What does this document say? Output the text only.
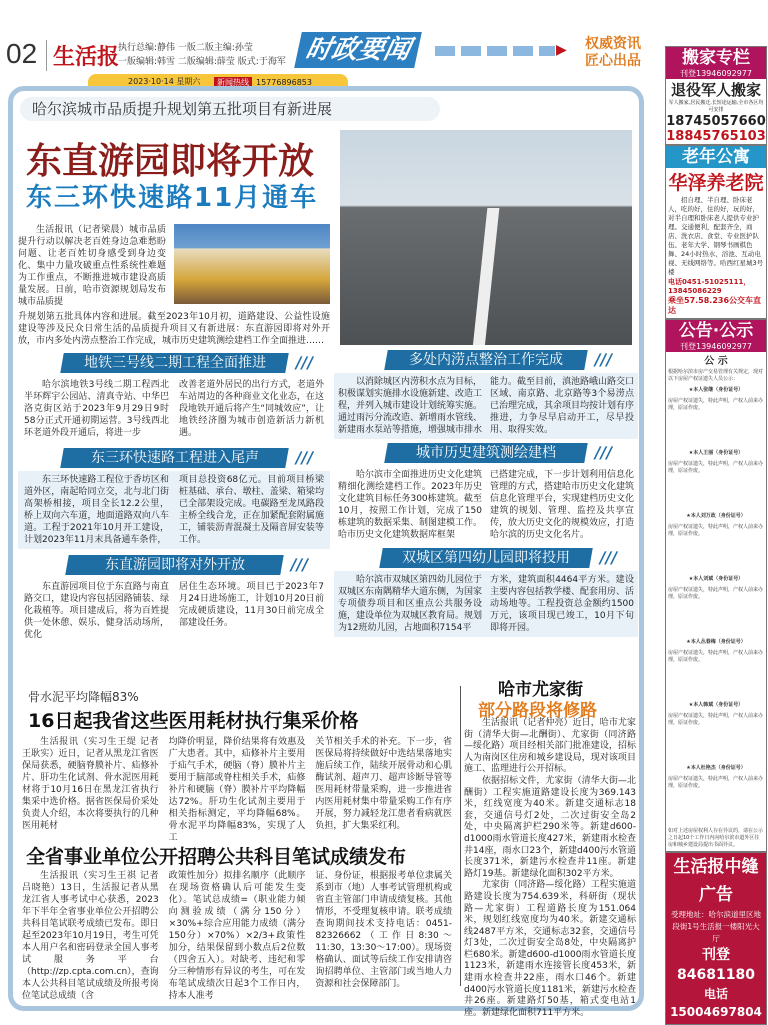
02 生活报
执行总编:静伟 一版二版主编:孙莹
一版编辑:韩雪 二版编辑:薛莹 版式:于海军 时政要闻	▶ 权威资讯
匠心出品
2023·10·14 星期六	新闻热线 15776896853
哈尔滨城市品质提升规划第五批项目有新进展
东直游园即将开放
东三环快速路11月通车

生活报讯（记者梁晨）城市品质提升行动以解决老百姓身边急难愁盼问题、让老百姓切身感受到身边变化、集中力量攻破重点性系统性难题为工作重点，不断推进城市建设高质量发展。日前，哈市资源规划局发布城市品质提

升规划第五批具体内容和进展。截至2023年10月初，道路建设、公益性设施建设等涉及民众日常生活的品质提升项目又有新进展：东直游园即将对外开放，市内多处内涝点整治工作完成，城市历史建筑测绘建档工作全面推进……

地铁三号线二期工程全面推进 ///

哈尔滨地铁3号线二期工程西北半环辉宇公园站、清真寺站、中华巴洛克街区站于2023年9月29日9时58分正式开通初期运营。3号线西北环老道外段开通后，将进一步

改善老道外居民的出行方式，老道外车站周边的各种商业文化业态，在这段地铁开通后将产生“同城效应”，让地铁经济圈为城市创造新活力新机遇。

东三环快速路工程进入尾声 ///

东三环快速路工程位于香坊区和道外区，南起哈同立交，北与北门街高架桥相接，项目全长12.2公里，桥上双向六车道，地面道路双向八车道。工程于2021年10月开工建设，计划2023年11月末具备通车条件，

项目总投资68亿元。目前项目桥梁桩基础、承台、墩柱、盖梁、箱梁均已全部架设完成。电碳路至龙凤路段主桥全线合龙，正在加紧配套附属施工，铺装沥青混凝土及隔音屏安装等工作。

东直游园即将对外开放 ///

东直游园项目位于东直路与南直路交口，建设内容包括园路铺装、绿化栽植等。项目建成后，将为百姓提供一处休憩、娱乐、健身活动场所，优化

居住生态环境。项目已于2023年7月24日进场施工，计划10月20日前完成硬质建设，11月30日前完成全部建设任务。

多处内涝点整治工作完成 ///

以消除城区内涝积水点为目标，积极谋划实施排水设施新建、改造工程，并列入城市建设计划统筹实施。通过雨污分流改造、新增雨水管线、新建雨水泵站等措施，增强城市排水

能力。截至目前，滇池路峨山路交口区域、南京路、北京路等3个易涝点已治理完成，其余项目均按计划有序推进，力争尽早启动开工，尽早投用、取得实效。

城市历史建筑测绘建档 ///

哈尔滨市全面推进历史文化建筑精细化测绘建档工作。2023年历史文化建筑目标任务300栋建筑。截至10月，按照工作计划，完成了150栋建筑的数据采集、制图建模工作。哈市历史文化建筑数据库框架

已搭建完成，下一步计划利用信息化管理的方式，搭建哈市历史文化建筑信息化管理平台，实现建档历史文化建筑的规划、管理、监控及共享宣传，放大历史文化的规模效应，打造哈尔滨的历史文化名片。

双城区第四幼儿园即将投用 ///

哈尔滨市双城区第四幼儿园位于双城区东南隅精华大道东侧，为国家专项债券项目和区重点公共服务设施，建设单位为双城区教育局。规划为12班幼儿园，占地面积7154平

方米，建筑面积4464平方米。建设主要内容包括教学楼、配套用房、活动场地等。工程投资总金额约1500万元，该项目现已竣工，10月下旬即将开园。

骨水泥平均降幅83%
16日起我省这些医用耗材执行集采价格

生活报讯（实习生王缇 记者王耿实）近日，记者从黑龙江省医保局获悉，硬脑脊膜补片、疝修补片、肝功生化试剂、骨水泥医用耗材将于10月16日在黑龙江省执行集采中选价格。据省医保局价采处负责人介绍，本次将要执行的几种医用耗材

均降价明显，降价结果将有效惠及广大患者。其中，疝修补片主要用于疝气手术，硬脑（脊）膜补片主要用于脑部或脊柱相关手术，疝修补片和硬脑（脊）膜补片平均降幅达72%。肝功生化试剂主要用于相关指标测定，平均降幅68%。骨水泥平均降幅83%，实现了人工

关节相关手术的补充。下一步，省医保局将持续做好中选结果落地实施后续工作，陆续开展骨动和心肌酶试剂、超声刀、超声诊断导管等医用耗材带量采购，进一步推进省内医用耗材集中带量采购工作有序开展，努力减轻龙江患者看病就医负担，扩大集采红利。

全省事业单位公开招聘公共科目笔试成绩发布

生活报讯（实习生王祺 记者吕晓艳）13日，生活报记者从黑龙江省人事考试中心获悉，2023年下半年全省事业单位公开招聘公共科目笔试联考成绩已发布。即日起至2023年10月19日，考生可凭本人用户名和密码登录全国人事考试服务平台（http://zp.cpta.com.cn），查询本人公共科目笔试成绩及所报考岗位笔试总成绩（含

政策性加分）拟排名顺序（此顺序在现场资格确认后可能发生变化）。笔试总成绩=（职业能力倾向测验成绩（满分150分）×30%+综合应用能力成绩（满分150分）×70%）×2/3+政策性加分，结果保留到小数点后2位数（四舍五入）。对缺考、违纪和零分三种情形有异议的考生，可在发布笔试成绩次日起3个工作日内，持本人准考

证、身份证，根据报考单位隶属关系到市（地）人事考试管理机构或省直主管部门申请成绩复核。其他情形，不受理复核申请。联考成绩查询期间技术支持电话：0451-82326662（工作日8:30～11:30，13:30～17:00）。现场资格确认、面试等后续工作安排请咨询招聘单位、主管部门或当地人力资源和社会保障部门。

哈市尤家街
部分路段将修路

生活报讯（记者仲亮）近日，哈市尤家街（清华大街—北酬街）、尤家街（同济路—绥化路）项目经相关部门批准建设，招标人为南岗区住房和城乡建设局，现对该项目施工、监理进行公开招标。

依据招标文件，尤家街（清华大街—北酬街）工程实施道路建设长度为369.143米，红线宽度为40米。新建交通标志18套，交通信号灯2处，二次过街安全岛2处，中央隔离护栏290米等。新建d600-d1000雨水管道长度427米，新建雨水检查井14座，雨水口23个，新建d400污水管道长度371米，新建污水检查井11座。新建路灯19基。新建绿化面积302平方米。

尤家街（同济路—绥化路）工程实施道路建设长度为754.639米，科研街（现状路—尤家街）工程道路长度为151.064米，规划红线宽度均为40米。新建交通标线2487平方米，交通标志32套，交通信号灯3处，二次过街安全岛8处，中央隔离护栏680米。新建d600-d1000雨水管道长度1123米，新建雨水连接管长度453米，新建雨水检查井22座，雨水口46个。新建d400污水管道长度1181米，新建污水检查井26座。新建路灯50基，箱式变电站1座。新建绿化面积711平方米。

搬家专栏
刊登13946092977
退役军人搬家
军人搬家,居民搬迁,长短途运输,全市各区均可安排
18745057660
18845765103
老年公寓
华泽养老院
招自理、半自理、卧床老人，吃的好，住的好，玩的好，对半自理和卧床老人提供专业护理。交通便利，配套齐全，商店、洗衣店、食堂、专业医护队伍、老年大学、钢琴书画棋色舞、24小时热水、浴池、互动电视、无线网络等。哈西红星城3号楼
电话0451-51025111，13845086229
乘坐57.58.236公交车直达
公告·公示
刊登13946092977
公 示
根据哈尔滨市房产交易管理有关规定，现对以下房屋产权证遗失人员公示：
★本人张继（身份证号）
房屋产权证遗失，特此声明，产权人前来办理，原证作废。
★本人王丽（身份证号）
房屋产权证遗失，特此声明，产权人前来办理，原证作废。
★本人刘万政（身份证号）
房屋产权证遗失，特此声明，产权人前来办理，原证作废。
★本人刘斌（身份证号）
房屋产权证遗失，特此声明，产权人前来办理，原证作废。
★本人丛春梅（身份证号）
房屋产权证遗失，特此声明，产权人前来办理，原证作废。
★本人韩斌（身份证号）
房屋产权证遗失，特此声明，产权人前来办理，原证作废。
★本人杜艳杰（身份证号）
房屋产权证遗失，特此声明，产权人前来办理，原证作废。
如对上述房屋权利人存在异议的，请在公示之日起10个工作日内向哈尔滨市道外区住房和城乡建设局提出书面异议。
生活报中缝广告
受理地址：哈尔滨道里区地段街1号生活报一楼阳光大厅
刊登 84681180
电话 15004697804
